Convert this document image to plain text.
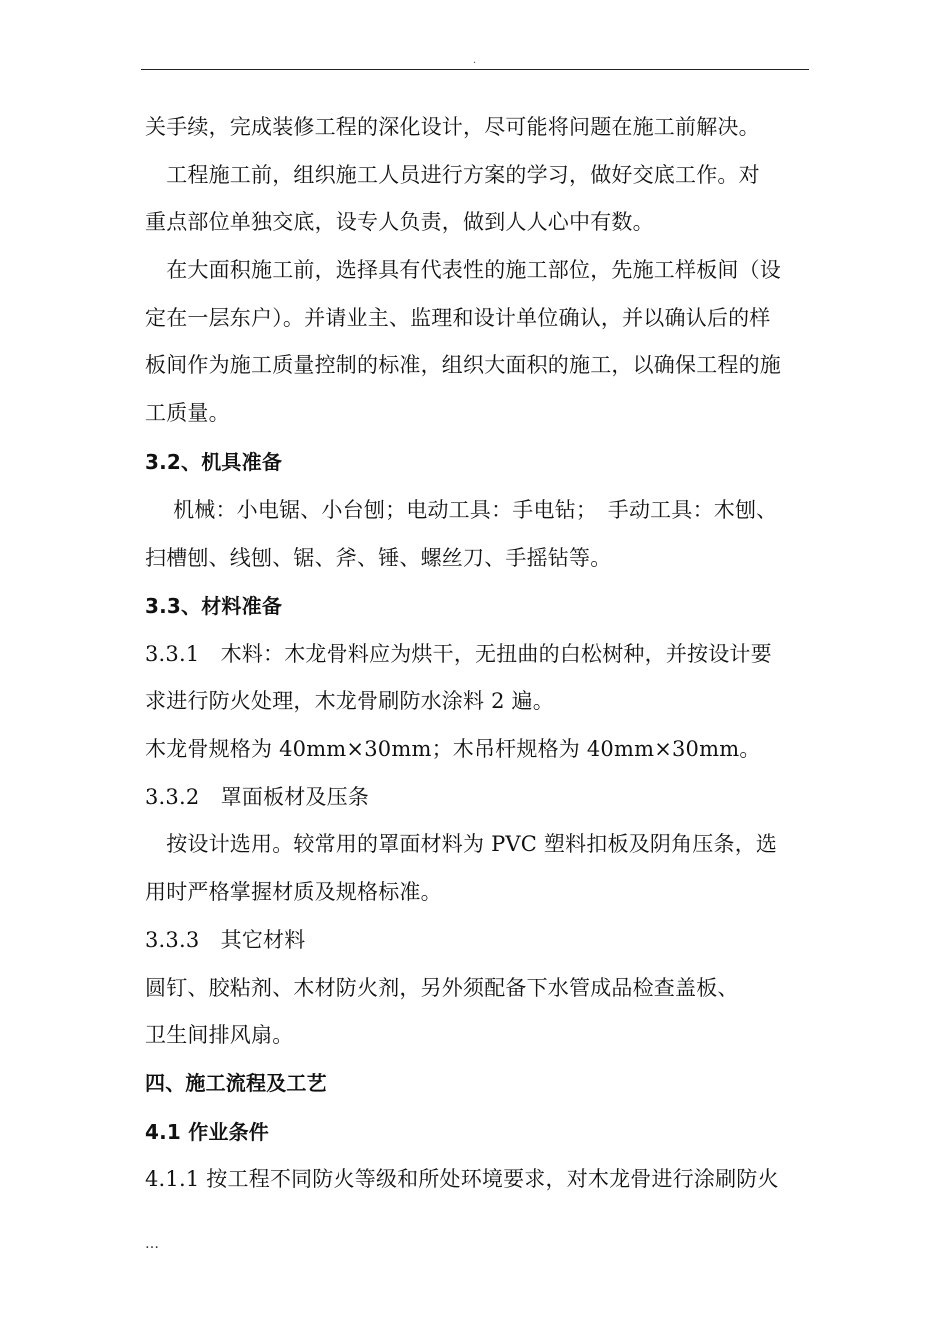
.
关手续，完成装修工程的深化设计，尽可能将问题在施工前解决。
　工程施工前，组织施工人员进行方案的学习，做好交底工作。对
重点部位单独交底，设专人负责，做到人人心中有数。
　在大面积施工前，选择具有代表性的施工部位，先施工样板间（设
定在一层东户）。并请业主、监理和设计单位确认，并以确认后的样
板间作为施工质量控制的标准，组织大面积的施工，以确保工程的施
工质量。
3.2、机具准备
　 机械：小电锯、小台刨；电动工具：手电钻；　手动工具：木刨、
扫槽刨、线刨、锯、斧、锤、螺丝刀、手摇钻等。
3.3、材料准备
3.3.1　木料：木龙骨料应为烘干，无扭曲的白松树种，并按设计要
求进行防火处理，木龙骨刷防水涂料 2 遍。
木龙骨规格为 40mm×30mm；木吊杆规格为 40mm×30mm。
3.3.2　罩面板材及压条
　按设计选用。较常用的罩面材料为 PVC 塑料扣板及阴角压条，选
用时严格掌握材质及规格标准。
3.3.3　其它材料
圆钉、胶粘剂、木材防火剂，另外须配备下水管成品检查盖板、
卫生间排风扇。
四、施工流程及工艺
4.1 作业条件
4.1.1 按工程不同防火等级和所处环境要求，对木龙骨进行涂刷防火
…
